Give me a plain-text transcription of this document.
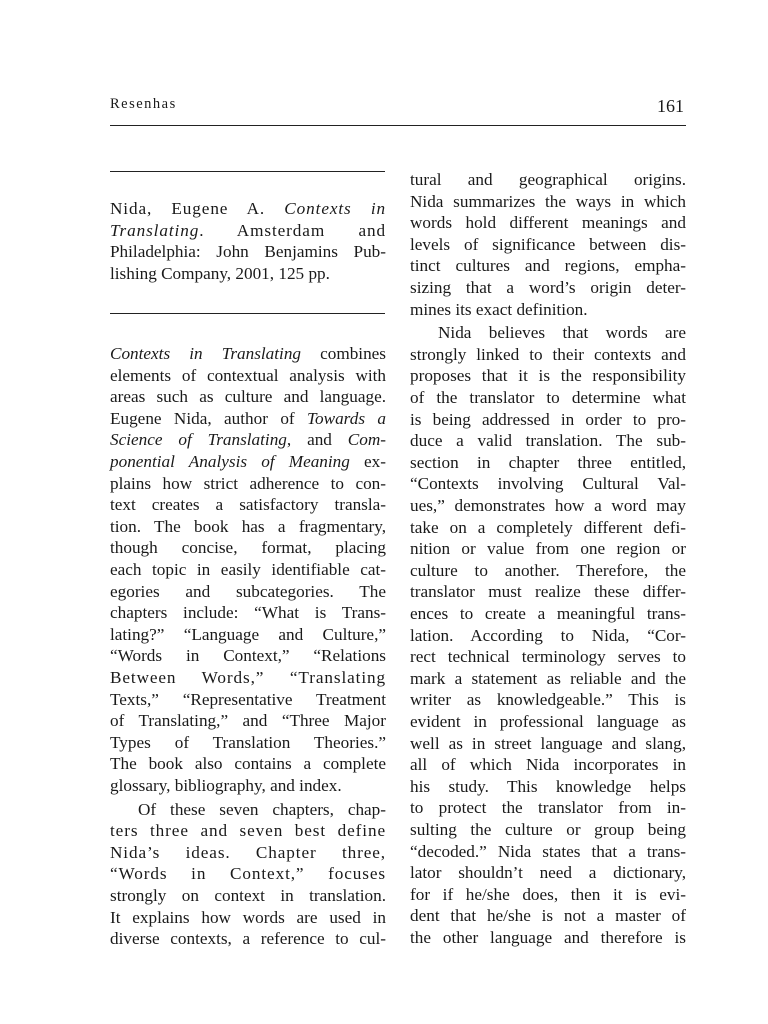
Resenhas	161
Nida, Eugene A. Contexts in
Translating. Amsterdam and
Philadelphia: John Benjamins Pub-
lishing Company, 2001, 125 pp.
Contexts in Translating combines
elements of contextual analysis with
areas such as culture and language.
Eugene Nida, author of Towards a
Science of Translating, and Com-
ponential Analysis of Meaning ex-
plains how strict adherence to con-
text creates a satisfactory transla-
tion. The book has a fragmentary,
though concise, format, placing
each topic in easily identifiable cat-
egories and subcategories. The
chapters include: “What is Trans-
lating?” “Language and Culture,”
“Words in Context,” “Relations
Between Words,” “Translating
Texts,” “Representative Treatment
of Translating,” and “Three Major
Types of Translation Theories.”
The book also contains a complete
glossary, bibliography, and index.
Of these seven chapters, chap-
ters three and seven best define
Nida’s ideas. Chapter three,
“Words in Context,” focuses
strongly on context in translation.
It explains how words are used in
diverse contexts, a reference to cul-
tural and geographical origins.
Nida summarizes the ways in which
words hold different meanings and
levels of significance between dis-
tinct cultures and regions, empha-
sizing that a word’s origin deter-
mines its exact definition.
Nida believes that words are
strongly linked to their contexts and
proposes that it is the responsibility
of the translator to determine what
is being addressed in order to pro-
duce a valid translation. The sub-
section in chapter three entitled,
“Contexts involving Cultural Val-
ues,” demonstrates how a word may
take on a completely different defi-
nition or value from one region or
culture to another. Therefore, the
translator must realize these differ-
ences to create a meaningful trans-
lation. According to Nida, “Cor-
rect technical terminology serves to
mark a statement as reliable and the
writer as knowledgeable.” This is
evident in professional language as
well as in street language and slang,
all of which Nida incorporates in
his study. This knowledge helps
to protect the translator from in-
sulting the culture or group being
“decoded.” Nida states that a trans-
lator shouldn’t need a dictionary,
for if he/she does, then it is evi-
dent that he/she is not a master of
the other language and therefore is
